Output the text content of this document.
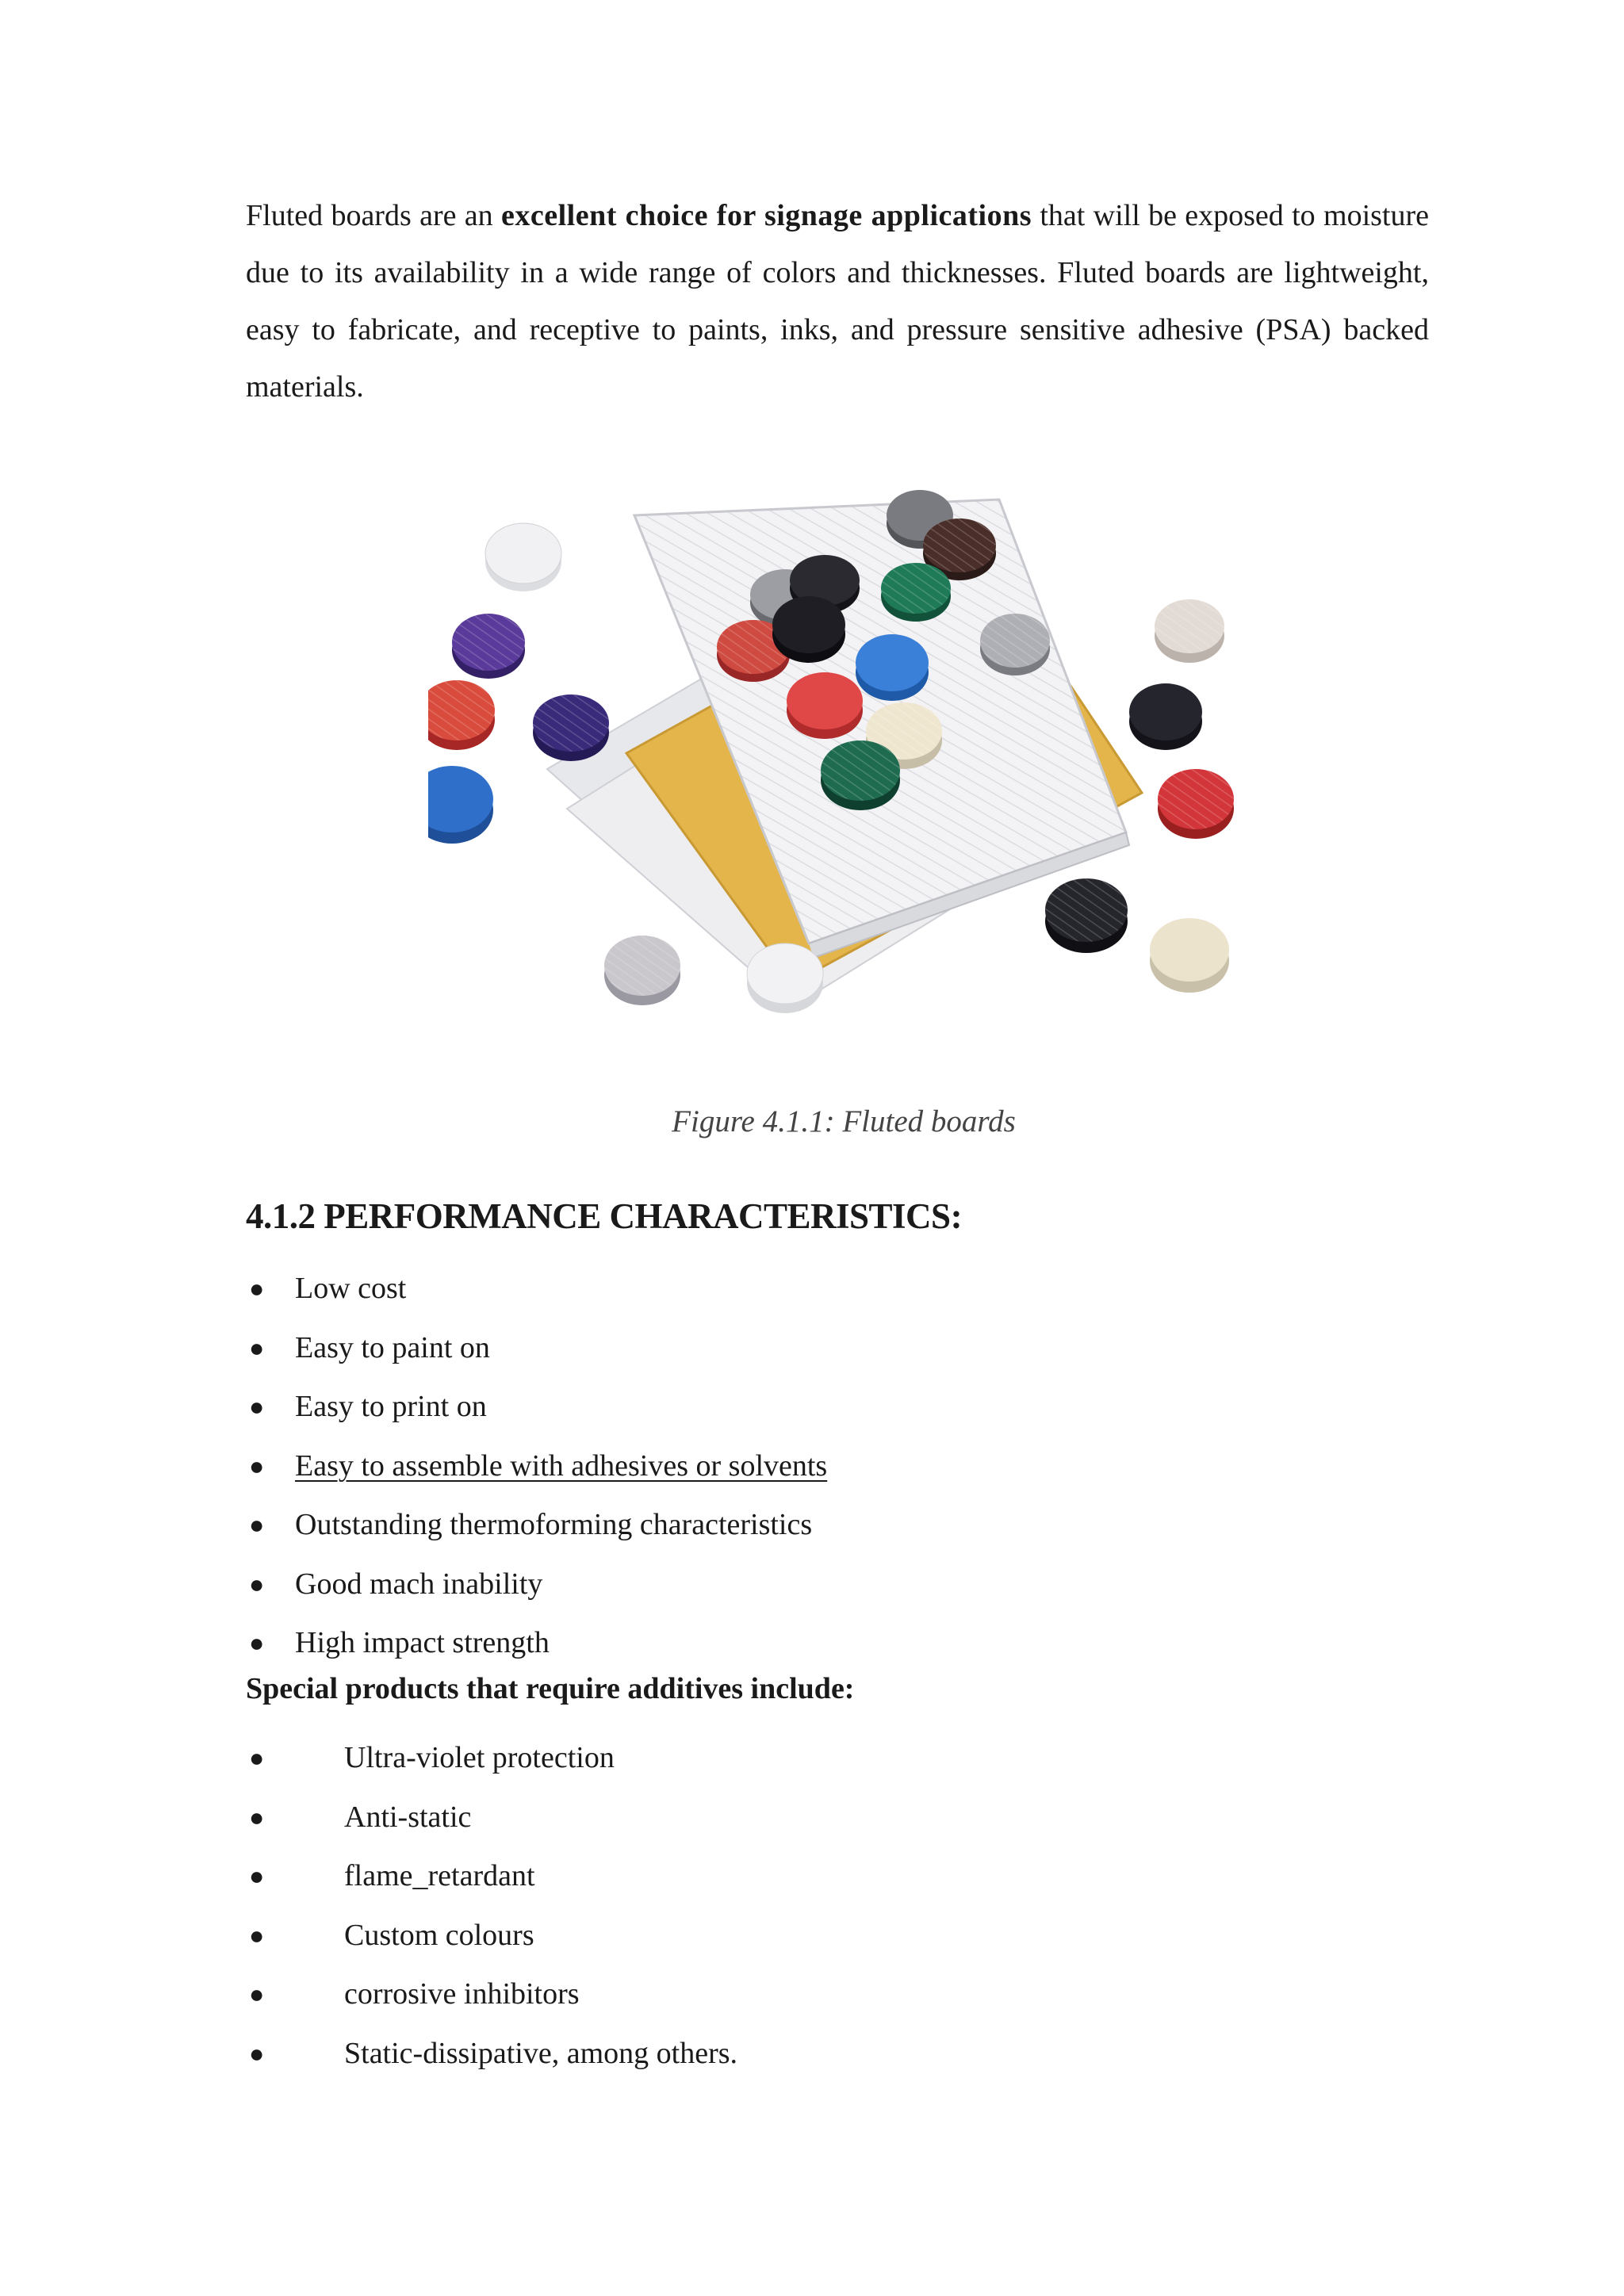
Fluted boards are an excellent choice for signage applications that will be exposed to moisture due to its availability in a wide range of colors and thicknesses. Fluted boards are lightweight, easy to fabricate, and receptive to paints, inks, and pressure sensitive adhesive (PSA) backed materials.

Figure 4.1.1: Fluted boards

4.1.2 PERFORMANCE CHARACTERISTICS:
● Low cost
● Easy to paint on
● Easy to print on
● Easy to assemble with adhesives or solvents
● Outstanding thermoforming characteristics
● Good mach inability
● High impact strength

Special products that require additives include:

●	Ultra-violet protection
●	Anti-static
●	flame_retardant
●	Custom colours
●	corrosive inhibitors
●	Static-dissipative, among others.
